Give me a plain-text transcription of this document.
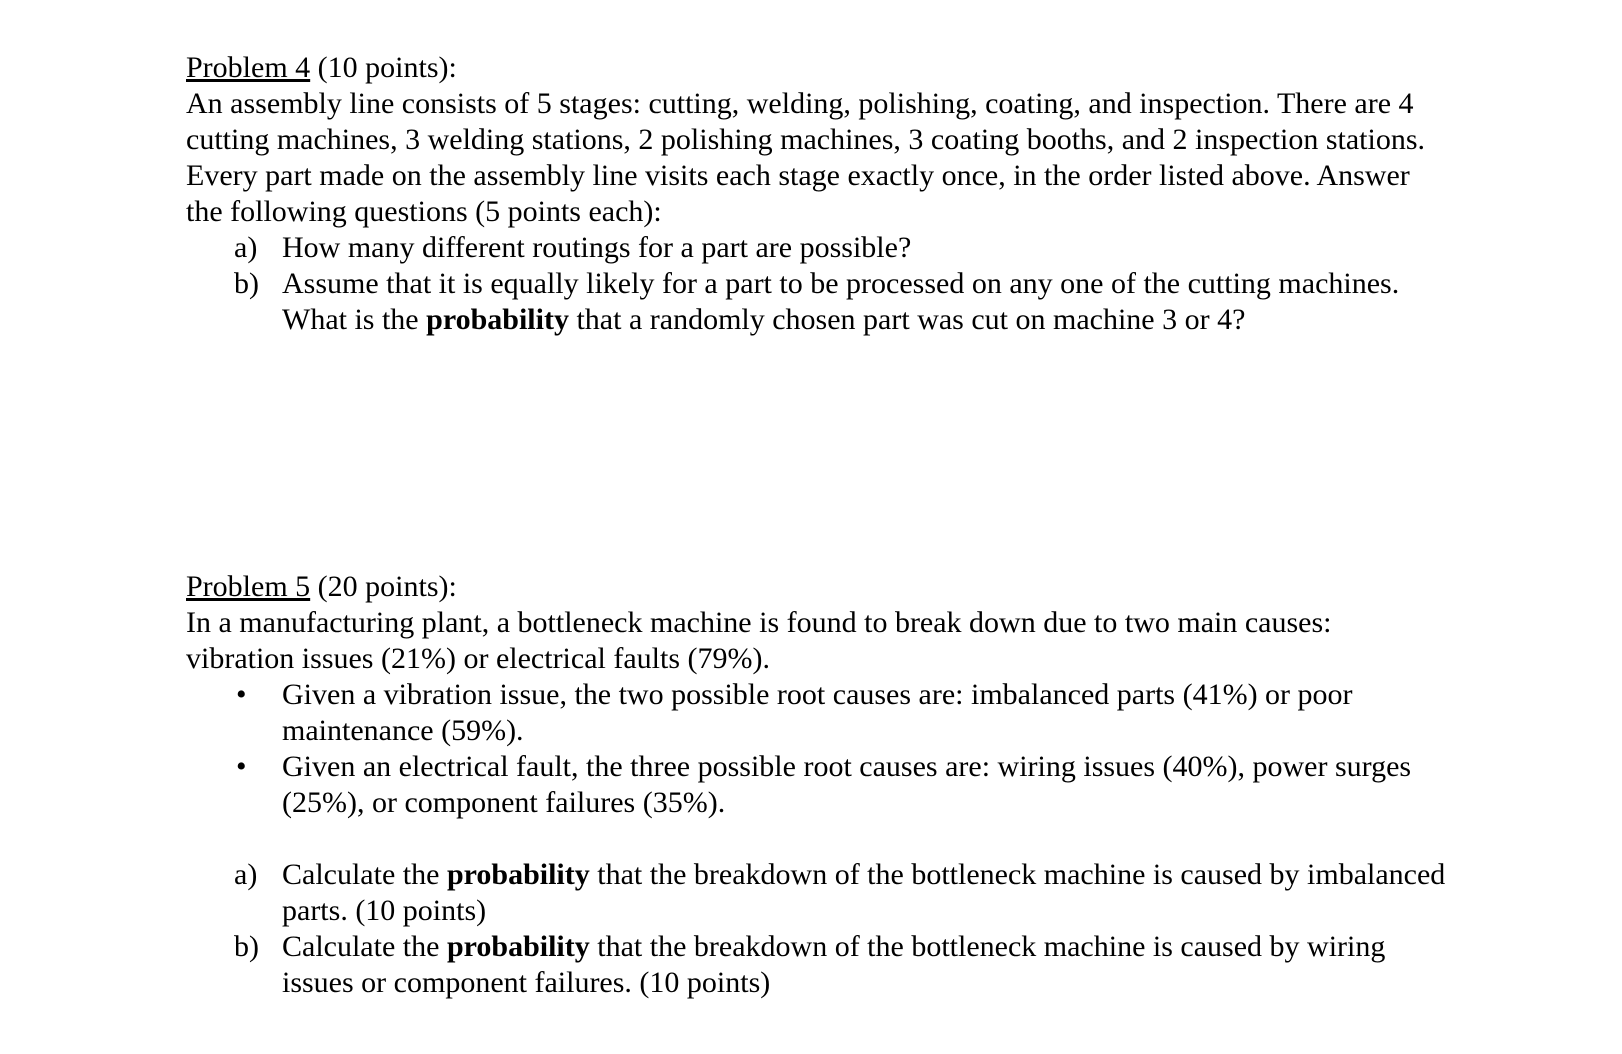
Problem 4 (10 points):

An assembly line consists of 5 stages: cutting, welding, polishing, coating, and inspection. There are 4 cutting machines, 3 welding stations, 2 polishing machines, 3 coating booths, and 2 inspection stations. Every part made on the assembly line visits each stage exactly once, in the order listed above. Answer the following questions (5 points each):

a) How many different routings for a part are possible?

b) Assume that it is equally likely for a part to be processed on any one of the cutting machines. What is the probability that a randomly chosen part was cut on machine 3 or 4?

Problem 5 (20 points):

In a manufacturing plant, a bottleneck machine is found to break down due to two main causes: vibration issues (21%) or electrical faults (79%).

• Given a vibration issue, the two possible root causes are: imbalanced parts (41%) or poor maintenance (59%).

• Given an electrical fault, the three possible root causes are: wiring issues (40%), power surges (25%), or component failures (35%).

a) Calculate the probability that the breakdown of the bottleneck machine is caused by imbalanced parts. (10 points)

b) Calculate the probability that the breakdown of the bottleneck machine is caused by wiring issues or component failures. (10 points)
